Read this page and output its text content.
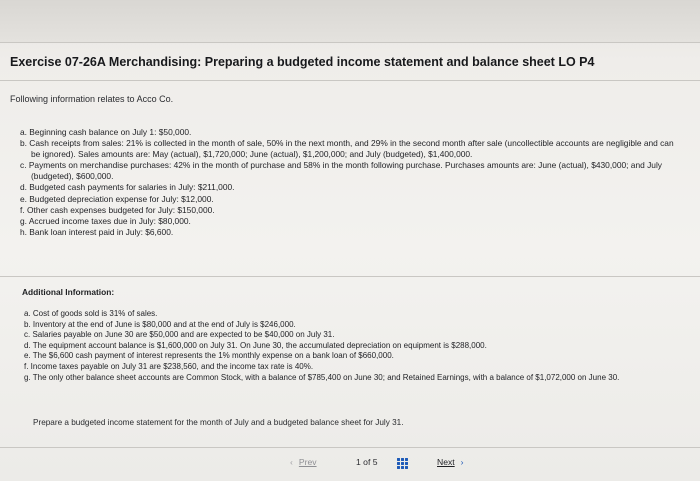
Exercise 07-26A Merchandising: Preparing a budgeted income statement and balance sheet LO P4
Following information relates to Acco Co.
a. Beginning cash balance on July 1: $50,000.
b. Cash receipts from sales: 21% is collected in the month of sale, 50% in the next month, and 29% in the second month after sale (uncollectible accounts are negligible and can be ignored). Sales amounts are: May (actual), $1,720,000; June (actual), $1,200,000; and July (budgeted), $1,400,000.
c. Payments on merchandise purchases: 42% in the month of purchase and 58% in the month following purchase. Purchases amounts are: June (actual), $430,000; and July (budgeted), $600,000.
d. Budgeted cash payments for salaries in July: $211,000.
e. Budgeted depreciation expense for July: $12,000.
f. Other cash expenses budgeted for July: $150,000.
g. Accrued income taxes due in July: $80,000.
h. Bank loan interest paid in July: $6,600.
Additional Information:
a. Cost of goods sold is 31% of sales.
b. Inventory at the end of June is $80,000 and at the end of July is $246,000.
c. Salaries payable on June 30 are $50,000 and are expected to be $40,000 on July 31.
d. The equipment account balance is $1,600,000 on July 31. On June 30, the accumulated depreciation on equipment is $288,000.
e. The $6,600 cash payment of interest represents the 1% monthly expense on a bank loan of $660,000.
f. Income taxes payable on July 31 are $238,560, and the income tax rate is 40%.
g. The only other balance sheet accounts are Common Stock, with a balance of $785,400 on June 30; and Retained Earnings, with a balance of $1,072,000 on June 30.
Prepare a budgeted income statement for the month of July and a budgeted balance sheet for July 31.
‹ Prev	1 of 5	Next ›
